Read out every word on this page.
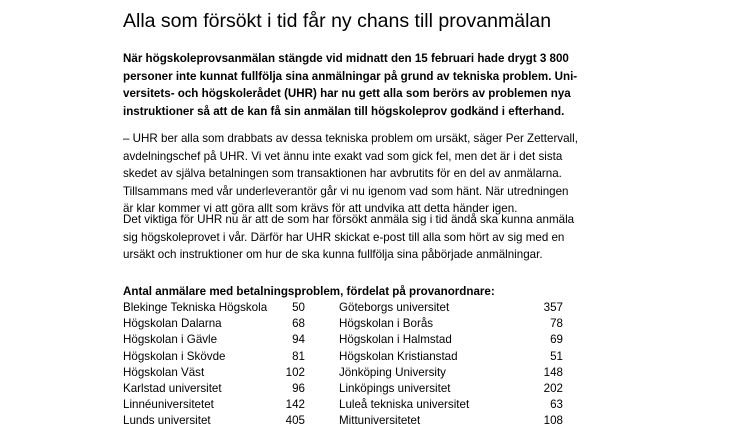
Alla som försökt i tid får ny chans till provanmälan
När högskoleprovsanmälan stängde vid midnatt den 15 februari hade drygt 3 800
personer inte kunnat fullfölja sina anmälningar på grund av tekniska problem. Uni-
versitets- och högskolerådet (UHR) har nu gett alla som berörs av problemen nya
instruktioner så att de kan få sin anmälan till högskoleprov godkänd i efterhand.
– UHR ber alla som drabbats av dessa tekniska problem om ursäkt, säger Per Zettervall,
avdelningschef på UHR. Vi vet ännu inte exakt vad som gick fel, men det är i det sista
skedet av själva betalningen som transaktionen har avbrutits för en del av anmälarna.
Tillsammans med vår underleverantör går vi nu igenom vad som hänt. När utredningen
är klar kommer vi att göra allt som krävs för att undvika att detta händer igen.
Det viktiga för UHR nu är att de som har försökt anmäla sig i tid ändå ska kunna anmäla
sig högskoleprovet i vår. Därför har UHR skickat e-post till alla som hört av sig med en
ursäkt och instruktioner om hur de ska kunna fullfölja sina påbörjade anmälningar.
Antal anmälare med betalningsproblem, fördelat på provanordnare:
Blekinge Tekniska Högskola 50	Göteborgs universitet	357
Högskolan Dalarna	68	Högskolan i Borås	78
Högskolan i Gävle	94	Högskolan i Halmstad	69
Högskolan i Skövde	81	Högskolan Kristianstad	51
Högskolan Väst	102	Jönköping University	148
Karlstad universitet	96	Linköpings universitet	202
Linnéuniversitetet	142	Luleå tekniska universitet	63
Lunds universitet	405	Mittuniversitetet	108
